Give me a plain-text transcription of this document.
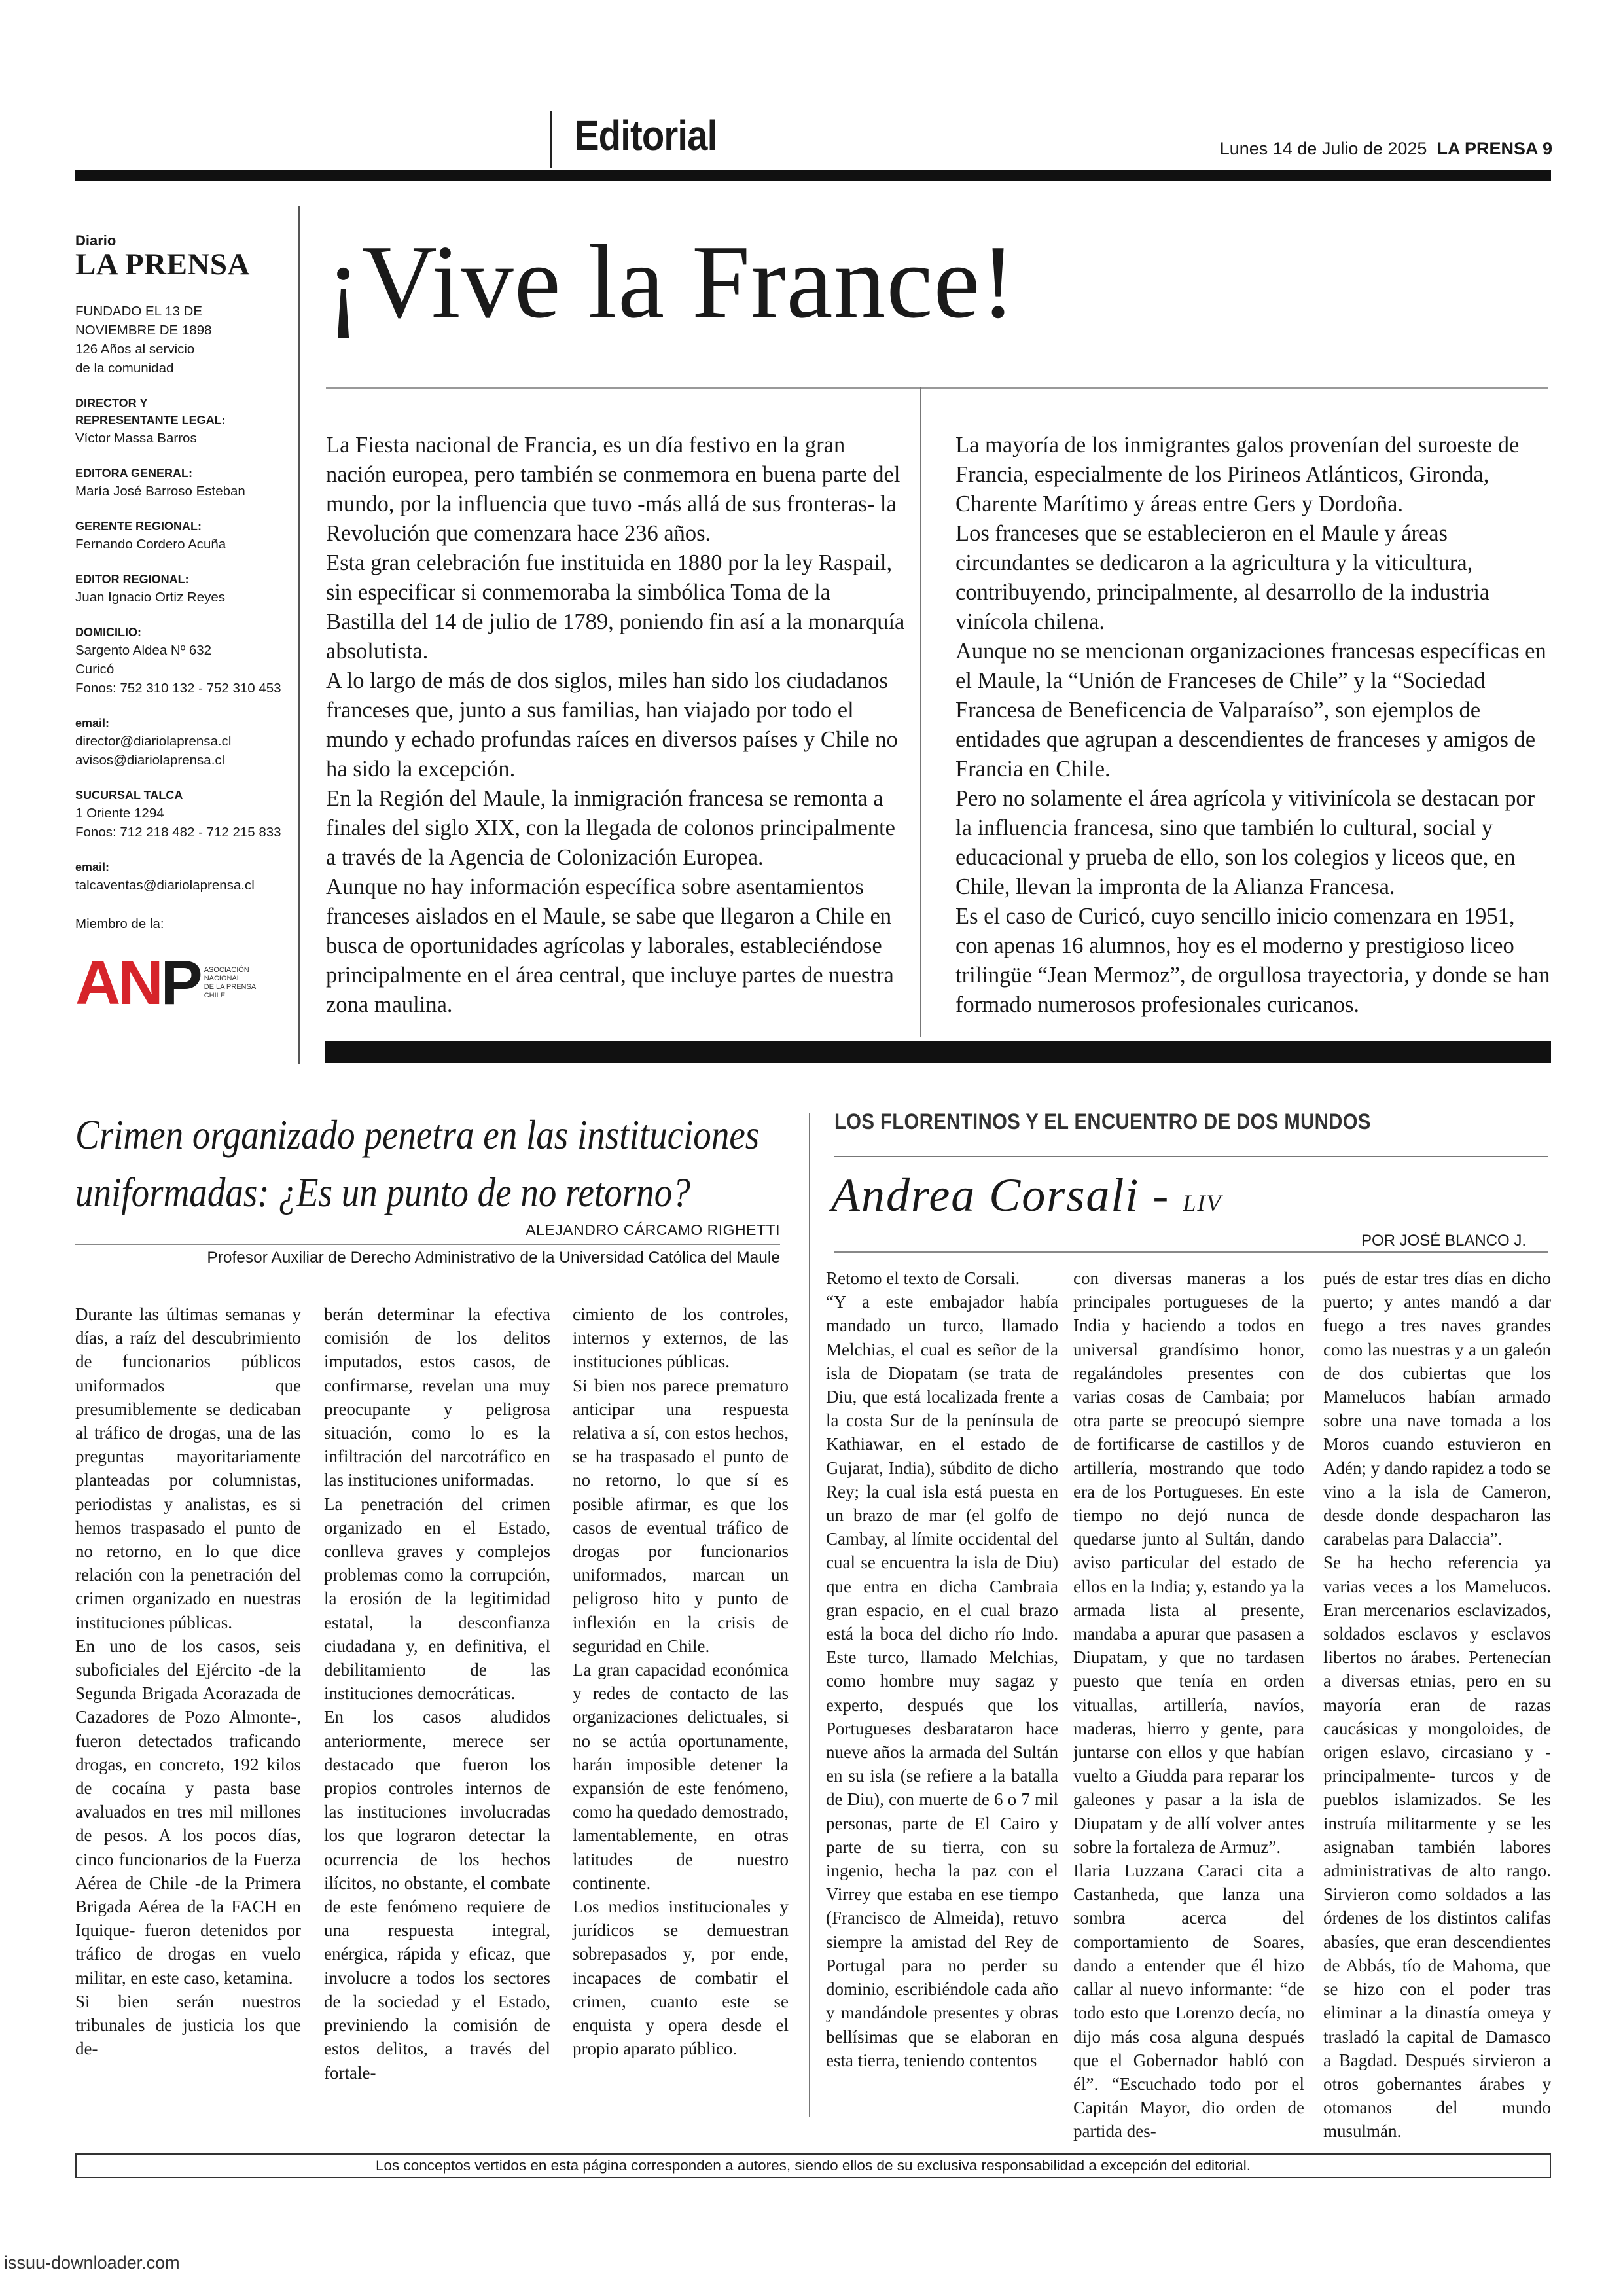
Editorial	Lunes 14 de Julio de 2025 LA PRENSA 9
Diario
LA PRENSA
FUNDADO EL 13 DE
NOVIEMBRE DE 1898
126 Años al servicio
de la comunidad
DIRECTOR Y
REPRESENTANTE LEGAL:
Víctor Massa Barros
EDITORA GENERAL:
María José Barroso Esteban
GERENTE REGIONAL:
Fernando Cordero Acuña
EDITOR REGIONAL:
Juan Ignacio Ortiz Reyes
DOMICILIO:
Sargento Aldea Nº 632
Curicó
Fonos: 752 310 132 - 752 310 453
email:
director@diariolaprensa.cl
avisos@diariolaprensa.cl
SUCURSAL TALCA
1 Oriente 1294
Fonos: 712 218 482 - 712 215 833
email:
talcaventas@diariolaprensa.cl
Miembro de la:
ANP ASOCIACIÓN
NACIONAL
DE LA PRENSA
CHILE
¡Vive la France!

La Fiesta nacional de Francia, es un día festivo en la gran nación europea, pero también se conmemora en buena parte del mundo, por la influencia que tuvo -más allá de sus fronteras- la Revolución que comenzara hace 236 años.

Esta gran celebración fue instituida en 1880 por la ley Raspail, sin especificar si conmemoraba la simbólica Toma de la Bastilla del 14 de julio de 1789, poniendo fin así a la monarquía absolutista.

A lo largo de más de dos siglos, miles han sido los ciudadanos franceses que, junto a sus familias, han viajado por todo el mundo y echado profundas raíces en diversos países y Chile no ha sido la excepción.

En la Región del Maule, la inmigración francesa se remonta a finales del siglo XIX, con la llegada de colonos principalmente a través de la Agencia de Colonización Europea.

Aunque no hay información específica sobre asentamientos franceses aislados en el Maule, se sabe que llegaron a Chile en busca de oportunidades agrícolas y laborales, estableciéndose principalmente en el área central, que incluye partes de nuestra zona maulina.

La mayoría de los inmigrantes galos provenían del suroeste de Francia, especialmente de los Pirineos Atlánticos, Gironda, Charente Marítimo y áreas entre Gers y Dordoña.

Los franceses que se establecieron en el Maule y áreas circundantes se dedicaron a la agricultura y la viticultura, contribuyendo, principalmente, al desarrollo de la industria vinícola chilena.

Aunque no se mencionan organizaciones francesas específicas en el Maule, la “Unión de Franceses de Chile” y la “Sociedad Francesa de Beneficencia de Valparaíso”, son ejemplos de entidades que agrupan a descendientes de franceses y amigos de Francia en Chile.

Pero no solamente el área agrícola y vitivinícola se destacan por la influencia francesa, sino que también lo cultural, social y educacional y prueba de ello, son los colegios y liceos que, en Chile, llevan la impronta de la Alianza Francesa.

Es el caso de Curicó, cuyo sencillo inicio comenzara en 1951, con apenas 16 alumnos, hoy es el moderno y prestigioso liceo trilingüe “Jean Mermoz”, de orgullosa trayectoria, y donde se han formado numerosos profesionales curicanos.

Crimen organizado penetra en las instituciones
uniformadas: ¿Es un punto de no retorno?
ALEJANDRO CÁRCAMO RIGHETTI
Profesor Auxiliar de Derecho Administrativo de la Universidad Católica del Maule

Durante las últimas semanas y días, a raíz del descubrimiento de funcionarios públicos uniformados que presumiblemente se dedicaban al tráfico de drogas, una de las preguntas mayoritariamente planteadas por columnistas, periodistas y analistas, es si hemos traspasado el punto de no retorno, en lo que dice relación con la penetración del crimen organizado en nuestras instituciones públicas.

En uno de los casos, seis suboficiales del Ejército -de la Segunda Brigada Acorazada de Cazadores de Pozo Almonte-, fueron detectados traficando drogas, en concreto, 192 kilos de cocaína y pasta base avaluados en tres mil millones de pesos. A los pocos días, cinco funcionarios de la Fuerza Aérea de Chile -de la Primera Brigada Aérea de la FACH en Iquique- fueron detenidos por tráfico de drogas en vuelo militar, en este caso, ketamina.

Si bien serán nuestros tribunales de justicia los que de-

berán determinar la efectiva comisión de los delitos imputados, estos casos, de confirmarse, revelan una muy preocupante y peligrosa situación, como lo es la infiltración del narcotráfico en las instituciones uniformadas.

La penetración del crimen organizado en el Estado, conlleva graves y complejos problemas como la corrupción, la erosión de la legitimidad estatal, la desconfianza ciudadana y, en definitiva, el debilitamiento de las instituciones democráticas.

En los casos aludidos anteriormente, merece ser destacado que fueron los propios controles internos de las instituciones involucradas los que lograron detectar la ocurrencia de los hechos ilícitos, no obstante, el combate de este fenómeno requiere de una respuesta integral, enérgica, rápida y eficaz, que involucre a todos los sectores de la sociedad y el Estado, previniendo la comisión de estos delitos, a través del fortale-

cimiento de los controles, internos y externos, de las instituciones públicas.

Si bien nos parece prematuro anticipar una respuesta relativa a sí, con estos hechos, se ha traspasado el punto de no retorno, lo que sí es posible afirmar, es que los casos de eventual tráfico de drogas por funcionarios uniformados, marcan un peligroso hito y punto de inflexión en la crisis de seguridad en Chile.

La gran capacidad económica y redes de contacto de las organizaciones delictuales, si no se actúa oportunamente, harán imposible detener la expansión de este fenómeno, como ha quedado demostrado, lamentablemente, en otras latitudes de nuestro continente.

Los medios institucionales y jurídicos se demuestran sobrepasados y, por ende, incapaces de combatir el crimen, cuanto este se enquista y opera desde el propio aparato público.

LOS FLORENTINOS Y EL ENCUENTRO DE DOS MUNDOS
Andrea Corsali - LIV
POR JOSÉ BLANCO J.

Retomo el texto de Corsali.

“Y a este embajador había mandado un turco, llamado Melchias, el cual es señor de la isla de Diopatam (se trata de Diu, que está localizada frente a la costa Sur de la península de Kathiawar, en el estado de Gujarat, India), súbdito de dicho Rey; la cual isla está puesta en un brazo de mar (el golfo de Cambay, al límite occidental del cual se encuentra la isla de Diu) que entra en dicha Cambraia gran espacio, en el cual brazo está la boca del dicho río Indo. Este turco, llamado Melchias, como hombre muy sagaz y experto, después que los Portugueses desbarataron hace nueve años la armada del Sultán en su isla (se refiere a la batalla de Diu), con muerte de 6 o 7 mil personas, parte de El Cairo y parte de su tierra, con su ingenio, hecha la paz con el Virrey que estaba en ese tiempo (Francisco de Almeida), retuvo siempre la amistad del Rey de Portugal para no perder su dominio, escribiéndole cada año y mandándole presentes y obras bellísimas que se elaboran en esta tierra, teniendo contentos

con diversas maneras a los principales portugueses de la India y haciendo a todos en universal grandísimo honor, regalándoles presentes con varias cosas de Cambaia; por otra parte se preocupó siempre de fortificarse de castillos y de artillería, mostrando que todo era de los Portugueses. En este tiempo no dejó nunca de quedarse junto al Sultán, dando aviso particular del estado de ellos en la India; y, estando ya la armada lista al presente, mandaba a apurar que pasasen a Diupatam, y que no tardasen puesto que tenía en orden vituallas, artillería, navíos, maderas, hierro y gente, para juntarse con ellos y que habían vuelto a Giudda para reparar los galeones y pasar a la isla de Diupatam y de allí volver antes sobre la fortaleza de Armuz”.

Ilaria Luzzana Caraci cita a Castanheda, que lanza una sombra acerca del comportamiento de Soares, dando a entender que él hizo callar al nuevo informante: “de todo esto que Lorenzo decía, no dijo más cosa alguna después que el Gobernador habló con él”. “Escuchado todo por el Capitán Mayor, dio orden de partida des-

pués de estar tres días en dicho puerto; y antes mandó a dar fuego a tres naves grandes como las nuestras y a un galeón de dos cubiertas que los Mamelucos habían armado sobre una nave tomada a los Moros cuando estuvieron en Adén; y dando rapidez a todo se vino a la isla de Cameron, desde donde despacharon las carabelas para Dalaccia”.

Se ha hecho referencia ya varias veces a los Mamelucos. Eran mercenarios esclavizados, soldados esclavos y esclavos libertos no árabes. Pertenecían a diversas etnias, pero en su mayoría eran de razas caucásicas y mongoloides, de origen eslavo, circasiano y -principalmente- turcos y de pueblos islamizados. Se les instruía militarmente y se les asignaban también labores administrativas de alto rango. Sirvieron como soldados a las órdenes de los distintos califas abasíes, que eran descendientes de Abbás, tío de Mahoma, que se hizo con el poder tras eliminar a la dinastía omeya y trasladó la capital de Damasco a Bagdad. Después sirvieron a otros gobernantes árabes y otomanos del mundo musulmán.

Los conceptos vertidos en esta página corresponden a autores, siendo ellos de su exclusiva responsabilidad a excepción del editorial.
issuu-downloader.com
